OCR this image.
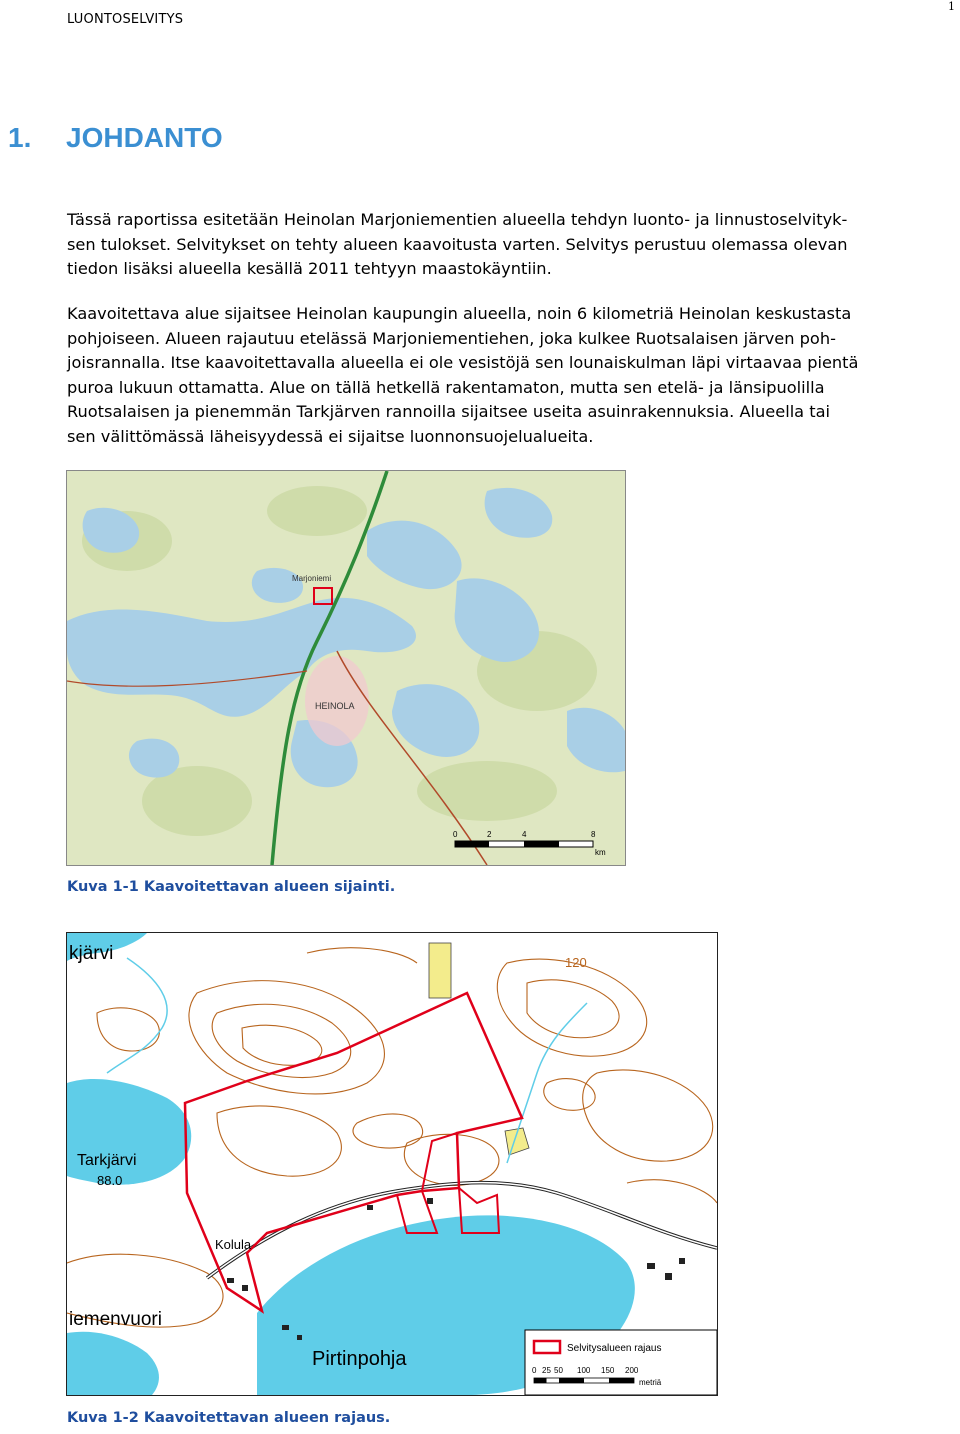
LUONTOSELVITYS
1
1. JOHDANTO

Tässä raportissa esitetään Heinolan Marjoniementien alueella tehdyn luonto- ja linnustoselvityk-
sen tulokset. Selvitykset on tehty alueen kaavoitusta varten. Selvitys perustuu olemassa olevan
tiedon lisäksi alueella kesällä 2011 tehtyyn maastokäyntiin.

Kaavoitettava alue sijaitsee Heinolan kaupungin alueella, noin 6 kilometriä Heinolan keskustasta
pohjoiseen. Alueen rajautuu etelässä Marjoniementiehen, joka kulkee Ruotsalaisen järven poh-
joisrannalla. Itse kaavoitettavalla alueella ei ole vesistöjä sen lounaiskulman läpi virtaavaa pientä
puroa lukuun ottamatta. Alue on tällä hetkellä rakentamaton, mutta sen etelä- ja länsipuolilla
Ruotsalaisen ja pienemmän Tarkjärven rannoilla sijaitsee useita asuinrakennuksia. Alueella tai
sen välittömässä läheisyydessä ei sijaitse luonnonsuojelualueita.

Marjoniemi
HEINOLA
0	2	4	8
km
Kuva 1-1 Kaavoitettavan alueen sijainti.
kjärvi
Tarkjärvi
88.0
Kolula
iemenvuori
Pirtinpohja
120
Selvitysalueen rajaus
0 25 50 100 150 200
metriä
Kuva 1-2 Kaavoitettavan alueen rajaus.
